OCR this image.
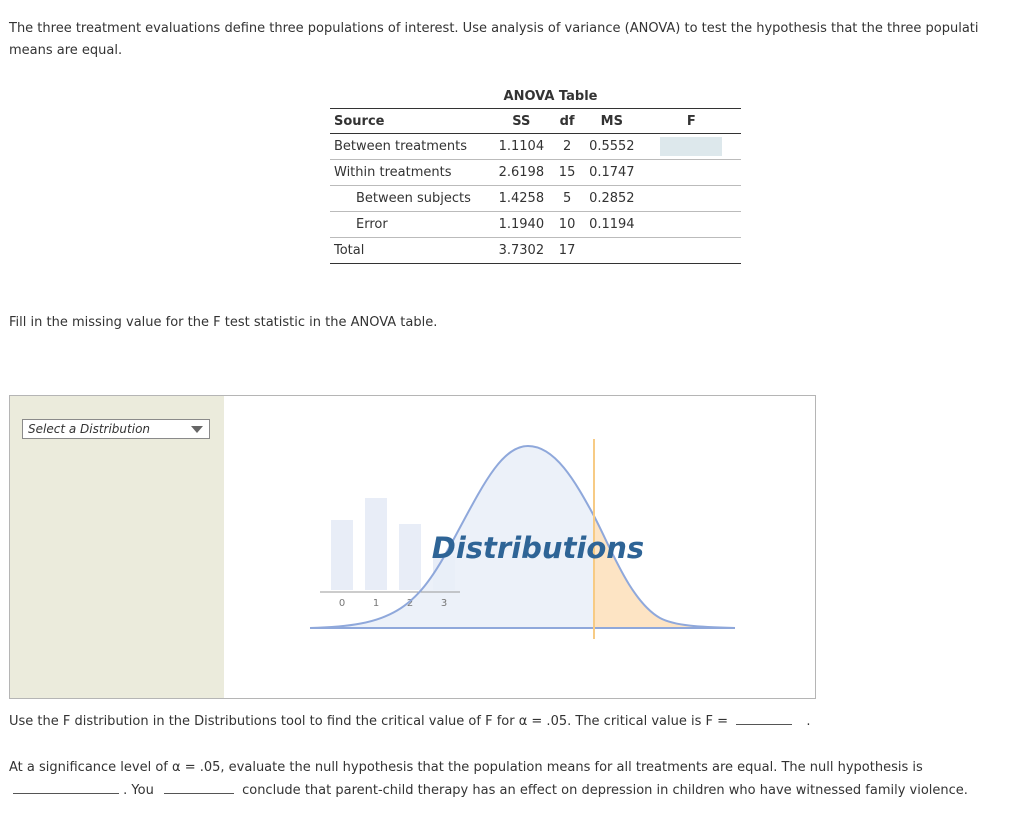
The three treatment evaluations define three populations of interest. Use analysis of variance (ANOVA) to test the hypothesis that the three populati
means are equal.

ANOVA Table
Source	SS	df	MS	F
Between treatments	1.1104	2	0.5552	
Within treatments	2.6198	15	0.1747	
Between subjects	1.4258	5	0.2852	
Error	1.1940	10	0.1194	
Total	3.7302	17		

Fill in the missing value for the F test statistic in the ANOVA table.

Select a Distribution
0	1	2	3
Distributions

Use the F distribution in the Distributions tool to find the critical value of F for α = .05. The critical value is F =	.

At a significance level of α = .05, evaluate the null hypothesis that the population means for all treatments are equal. The null hypothesis is

. You	conclude that parent-child therapy has an effect on depression in children who have witnessed family violence.
